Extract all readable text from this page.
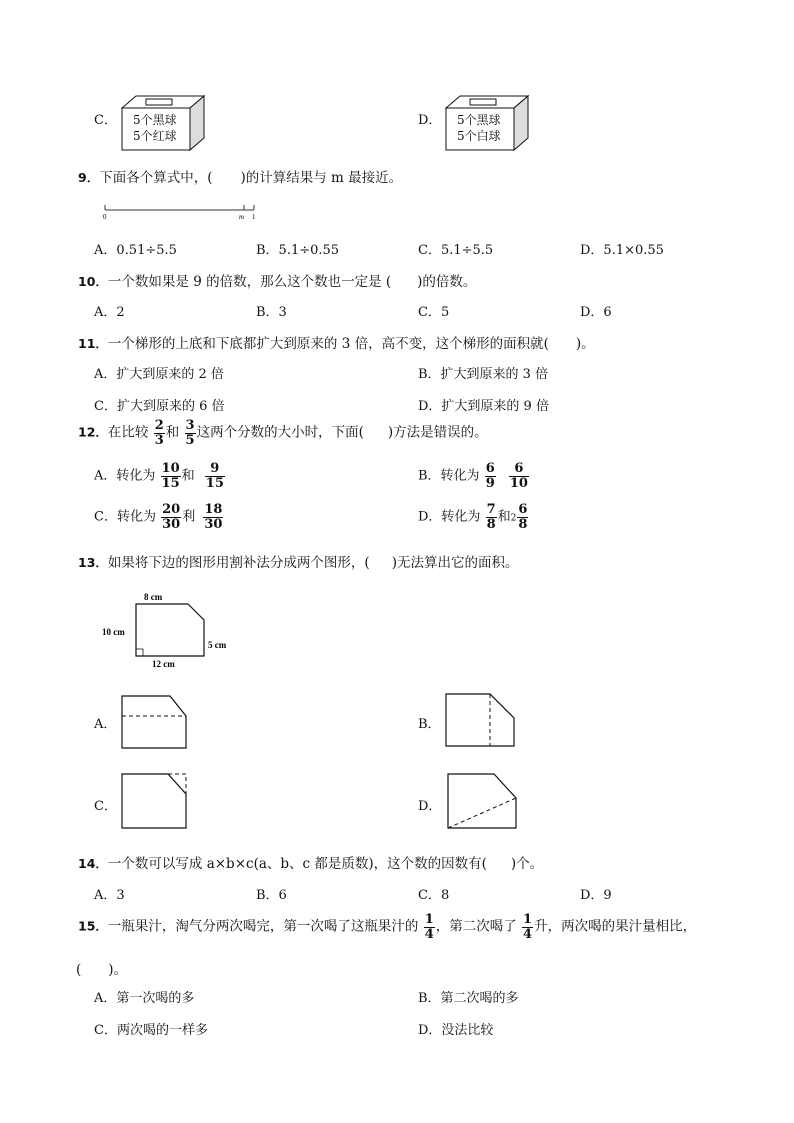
C． 5个黑球
5个红球
D． 5个黑球
5个白球
9．下面各个算式中，( )的计算结果与 m 最接近。
0	m 1
A．0.51÷5.5	B．5.1÷0.55	C．5.1÷5.5	D．5.1×0.55
10．一个数如果是 9 的倍数，那么这个数也一定是 ( )的倍数。
A．2	B．3	C．5	D．6
11．一个梯形的上底和下底都扩大到原来的 3 倍，高不变，这个梯形的面积就(　　)。
A．扩大到原来的 2 倍	B．扩大到原来的 3 倍
C．扩大到原来的 6 倍	D．扩大到原来的 9 倍
12．在比较 $\frac{2}{3}$ 和 $\frac{3}{5}$ 这两个分数的大小时，下面( )方法是错误的。
A．转化为 $\frac{10}{15}$ 和 $\frac{9}{15}$	B．转化为 $\frac{6}{9}$
$\frac{6}{10}$
C．转化为 $\frac{20}{30}$ 利 $\frac{18}{30}$	D．转化为 $\frac{7}{8}$ 和$2 \frac{6}{8}$
13．如果将下边的图形用割补法分成两个图形，( )无法算出它的面积。
8 cm
10 cm
5 cm
12 cm
A．	B．
C．	D．
14．一个数可以写成 a×b×c(a、b、c 都是质数)，这个数的因数有( )个。
A．3	B．6	C．8	D．9
15．一瓶果汁，淘气分两次喝完，第一次喝了这瓶果汁的 $\frac{1}{4}$ ，第二次喝了 $\frac{1}{4}$ 升，两次喝的果汁量相比，
(　　)。
A．第一次喝的多	B．第二次喝的多
C．两次喝的一样多	D．没法比较
